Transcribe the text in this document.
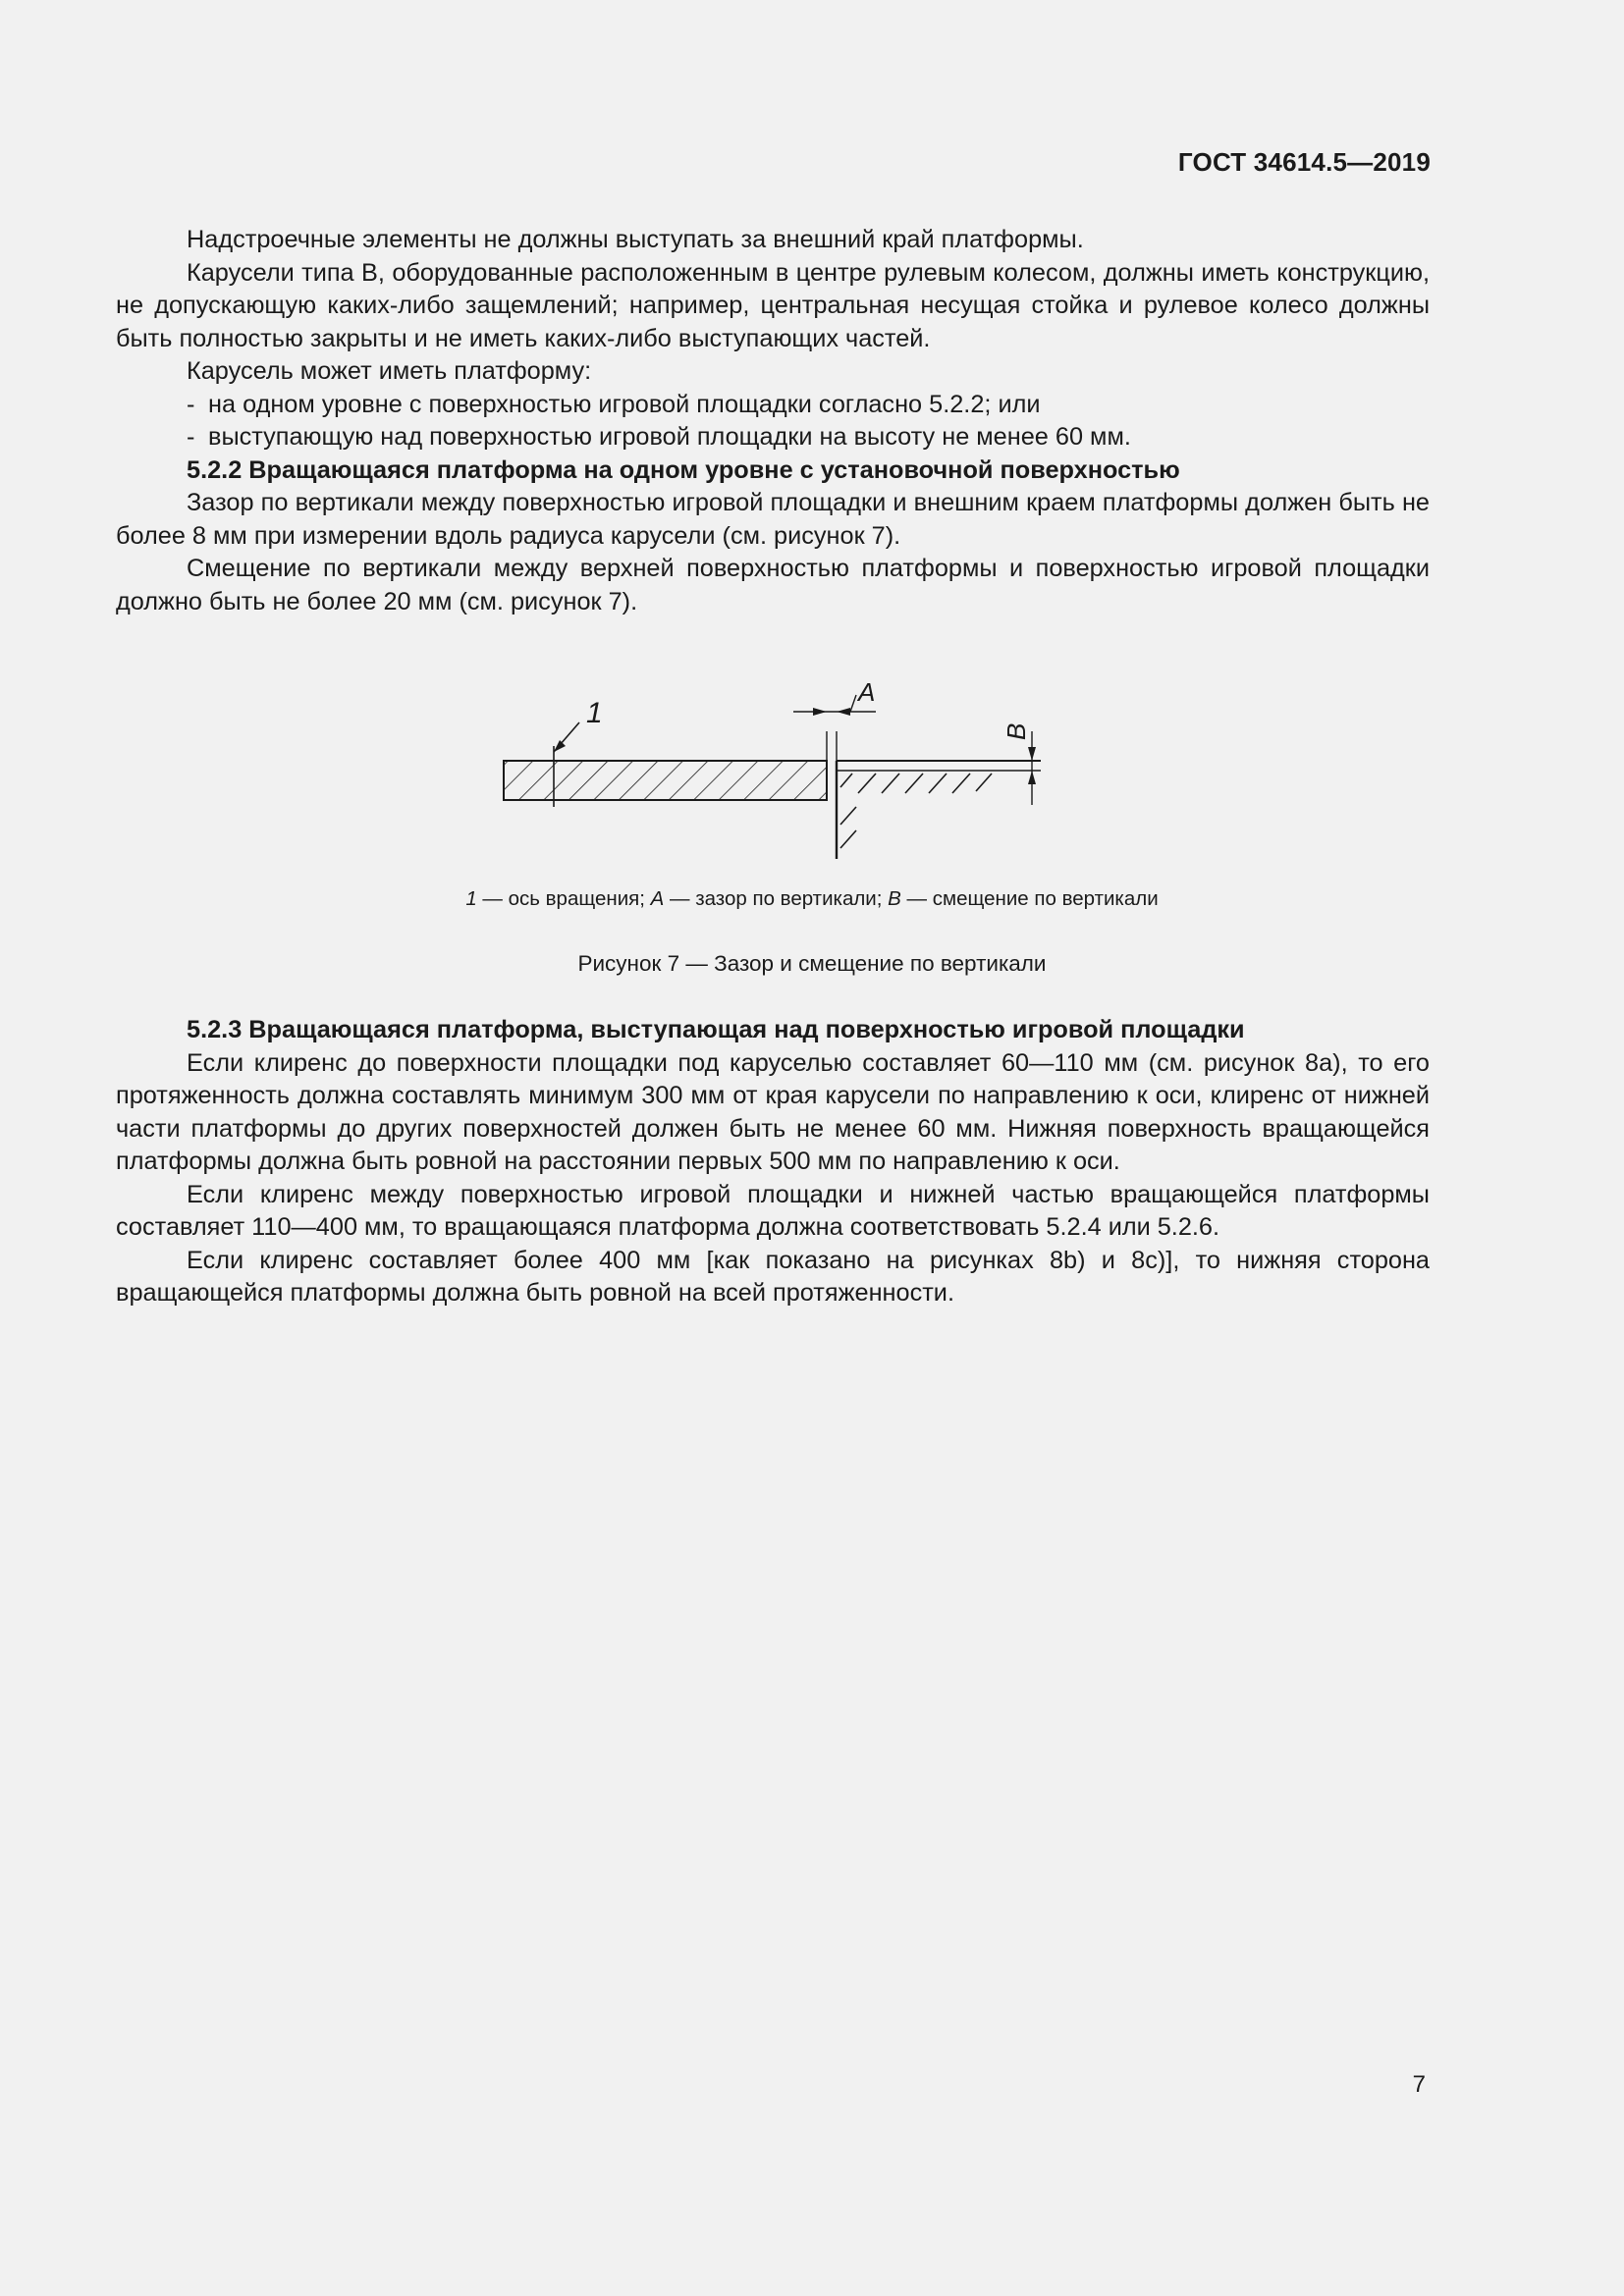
ГОСТ 34614.5—2019

Надстроечные элементы не должны выступать за внешний край платформы.

Карусели типа В, оборудованные расположенным в центре рулевым колесом, должны иметь конструкцию, не допускающую каких-либо защемлений; например, центральная несущая стойка и рулевое колесо должны быть полностью закрыты и не иметь каких-либо выступающих частей.

Карусель может иметь платформу:

- на одном уровне с поверхностью игровой площадки согласно 5.2.2; или

- выступающую над поверхностью игровой площадки на высоту не менее 60 мм.

5.2.2 Вращающаяся платформа на одном уровне с установочной поверхностью

Зазор по вертикали между поверхностью игровой площадки и внешним краем платформы должен быть не более 8 мм при измерении вдоль радиуса карусели (см. рисунок 7).

Смещение по вертикали между верхней поверхностью платформы и поверхностью игровой площадки должно быть не более 20 мм (см. рисунок 7).

1
A
B
1 — ось вращения; A — зазор по вертикали; B — смещение по вертикали
Рисунок 7 — Зазор и смещение по вертикали

5.2.3 Вращающаяся платформа, выступающая над поверхностью игровой площадки

Если клиренс до поверхности площадки под каруселью составляет 60—110 мм (см. рисунок 8а), то его протяженность должна составлять минимум 300 мм от края карусели по направлению к оси, клиренс от нижней части платформы до других поверхностей должен быть не менее 60 мм. Нижняя поверхность вращающейся платформы должна быть ровной на расстоянии первых 500 мм по направлению к оси.

Если клиренс между поверхностью игровой площадки и нижней частью вращающейся платформы составляет 110—400 мм, то вращающаяся платформа должна соответствовать 5.2.4 или 5.2.6.

Если клиренс составляет более 400 мм [как показано на рисунках 8b) и 8c)], то нижняя сторона вращающейся платформы должна быть ровной на всей протяженности.

7
